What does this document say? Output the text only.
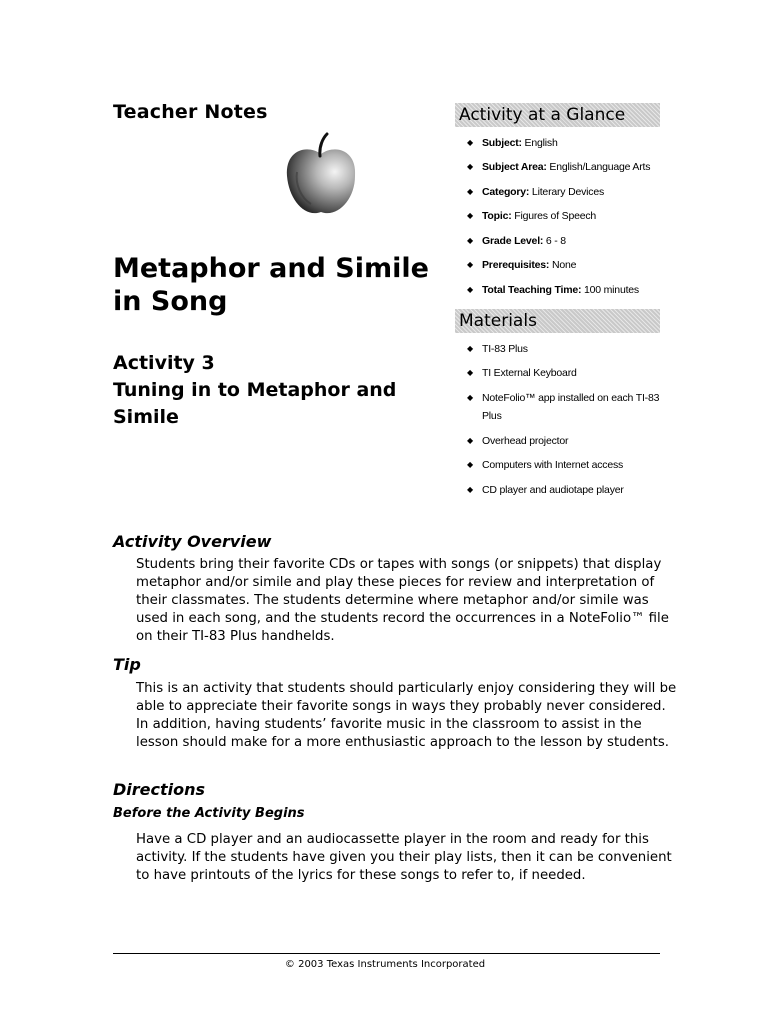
Teacher Notes
Metaphor and Simile
in Song
Activity 3
Tuning in to Metaphor and
Simile
Activity at a Glance
◆ Subject: English
◆ Subject Area: English/Language Arts
◆ Category: Literary Devices
◆ Topic: Figures of Speech
◆ Grade Level: 6 - 8
◆ Prerequisites: None
◆ Total Teaching Time: 100 minutes
Materials
◆ TI-83 Plus
◆ TI External Keyboard
◆ NoteFolio™ app installed on each TI-83 Plus
◆ Overhead projector
◆ Computers with Internet access
◆ CD player and audiotape player
Activity Overview
Students bring their favorite CDs or tapes with songs (or snippets) that display
metaphor and/or simile and play these pieces for review and interpretation of
their classmates. The students determine where metaphor and/or simile was
used in each song, and the students record the occurrences in a NoteFolio™ file
on their TI-83 Plus handhelds.
Tip
This is an activity that students should particularly enjoy considering they will be
able to appreciate their favorite songs in ways they probably never considered.
In addition, having students’ favorite music in the classroom to assist in the
lesson should make for a more enthusiastic approach to the lesson by students.
Directions
Before the Activity Begins
Have a CD player and an audiocassette player in the room and ready for this
activity. If the students have given you their play lists, then it can be convenient
to have printouts of the lyrics for these songs to refer to, if needed.
© 2003 Texas Instruments Incorporated
